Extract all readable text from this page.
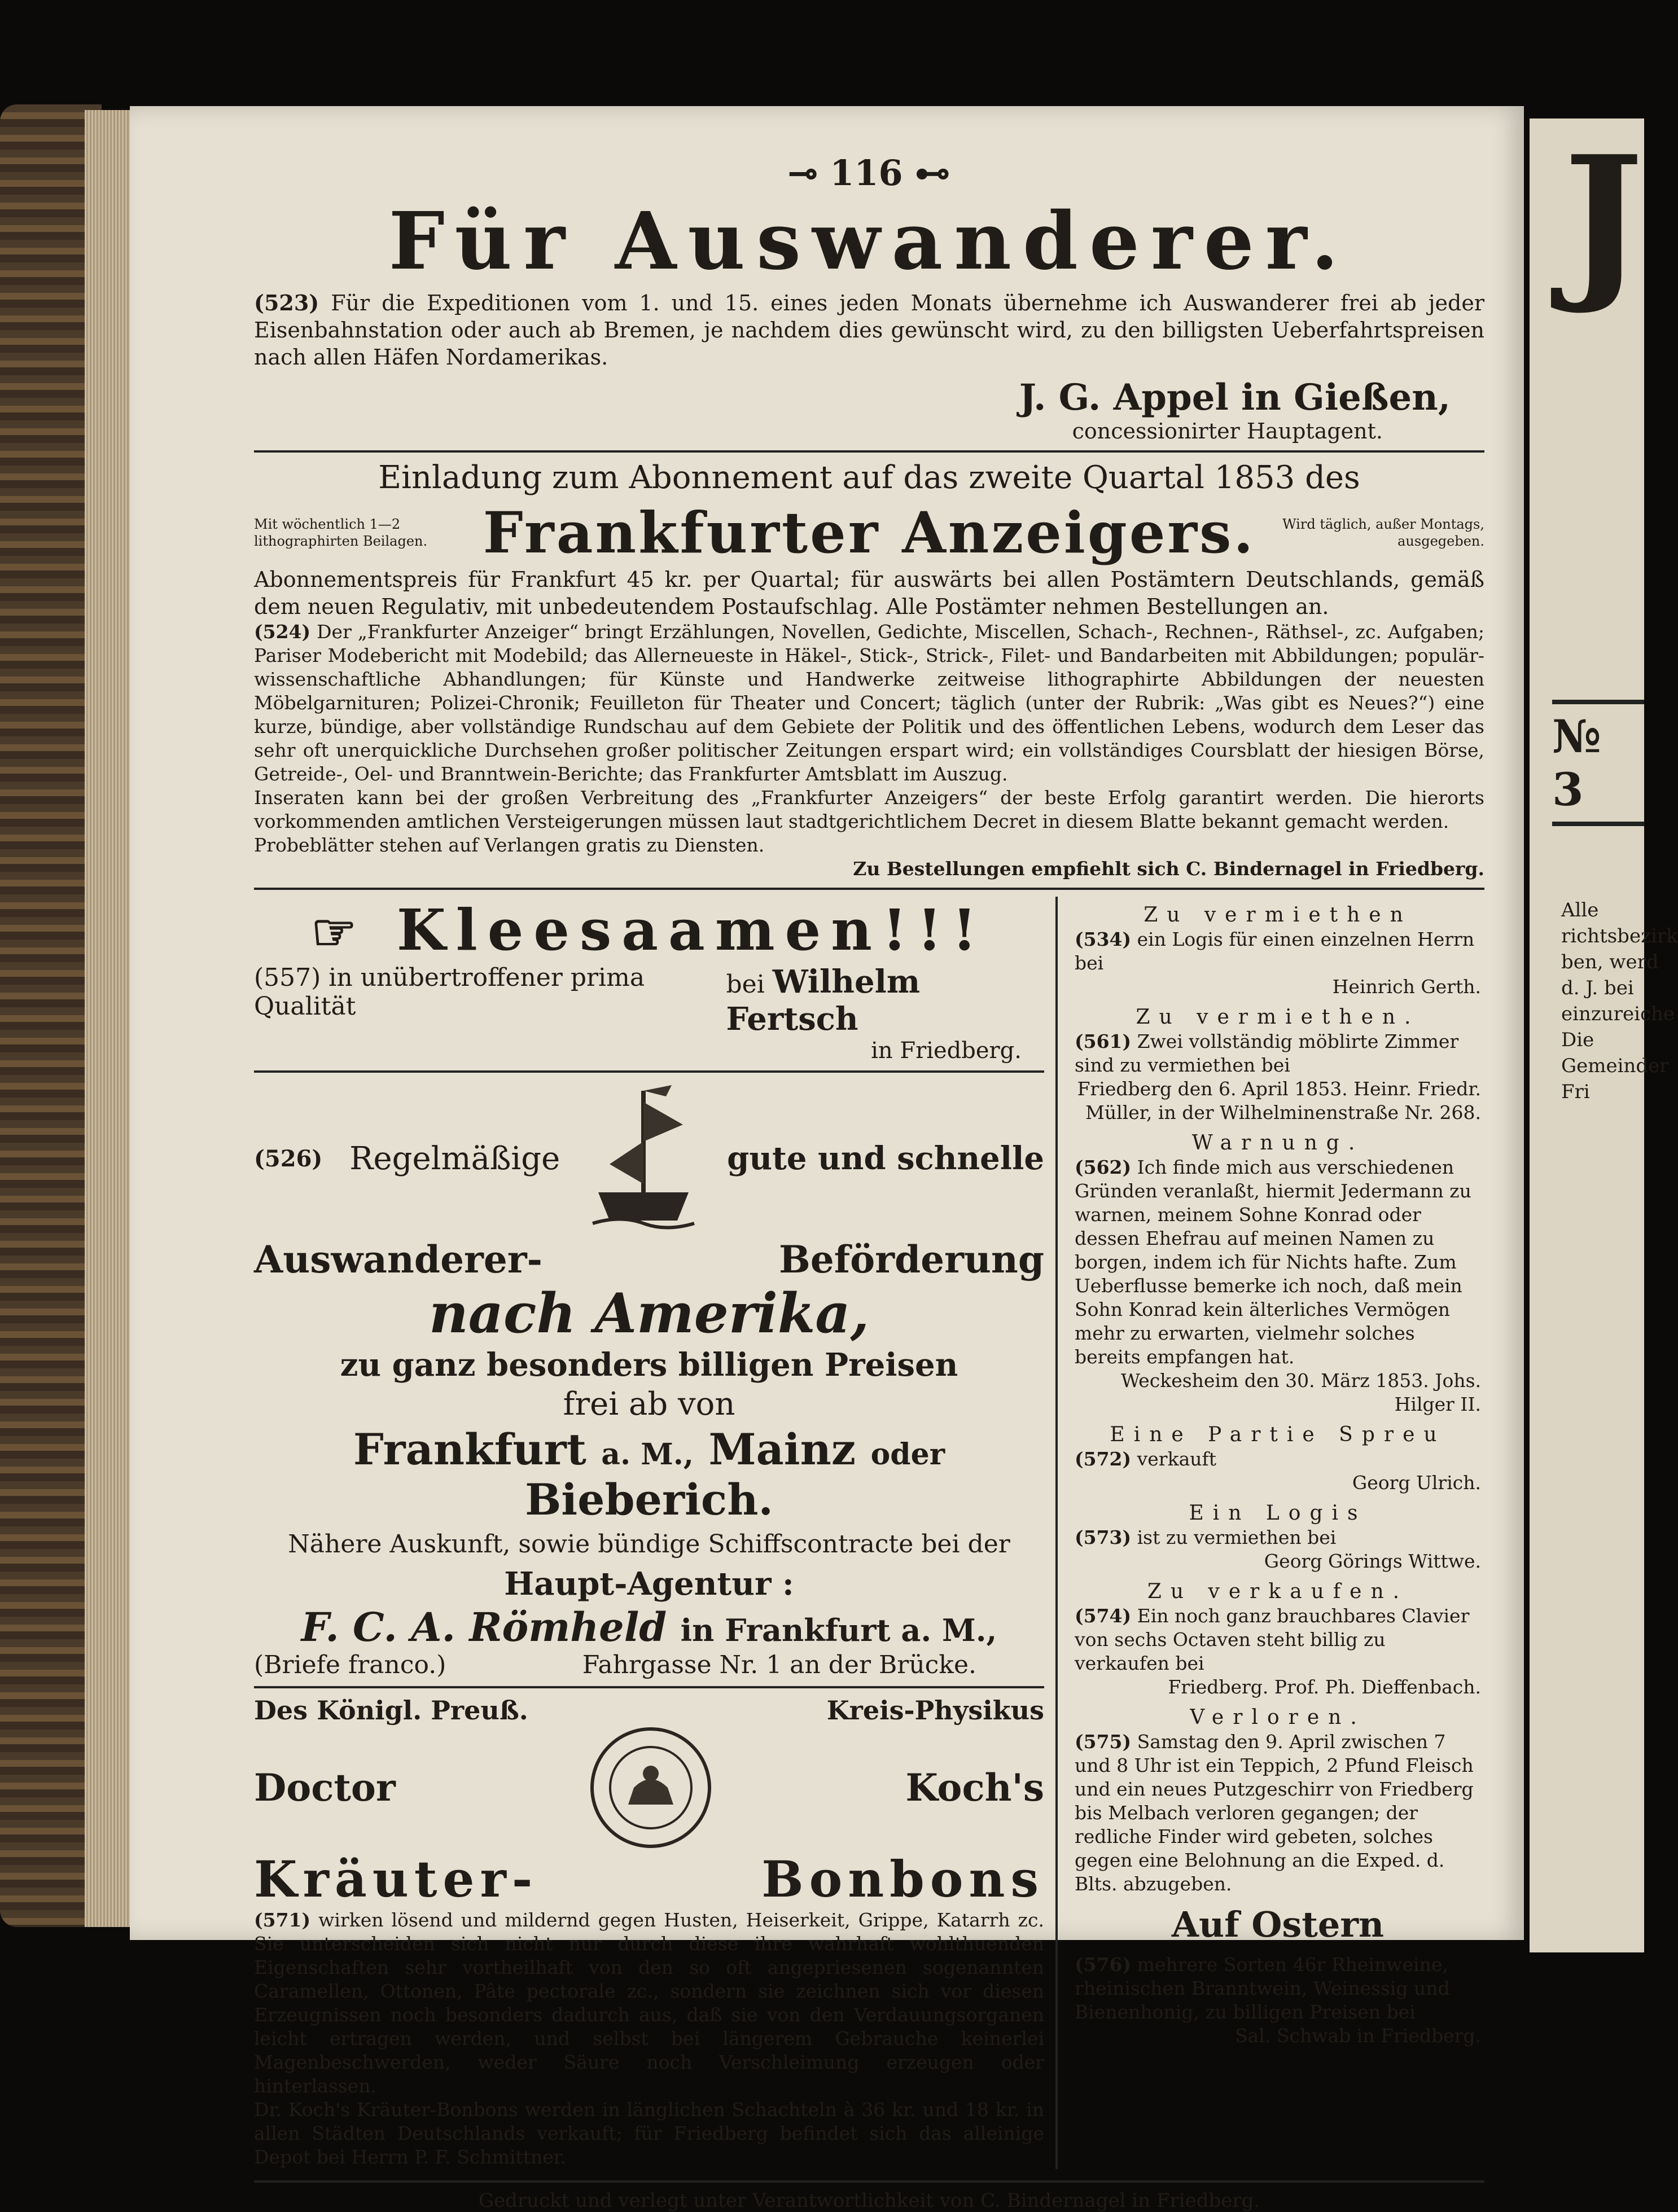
J
№ 3
Alle
richtsbezirk
ben, werd
d. J. bei
einzureiche
Die
Gemeinder
Fri
⊸ 116 ⊷
Für Auswanderer.

(523) Für die Expeditionen vom 1. und 15. eines jeden Monats übernehme ich Auswanderer frei ab jeder Eisenbahnstation oder auch ab Bremen, je nachdem dies gewünscht wird, zu den billigsten Ueberfahrtspreisen nach allen Häfen Nordamerikas.

J. G. Appel in Gießen,
concessionirter Hauptagent.
Einladung zum Abonnement auf das zweite Quartal 1853 des
Mit wöchentlich 1—2 lithographirten Beilagen. Frankfurter Anzeigers. Wird täglich, außer Montags, ausgegeben.

Abonnementspreis für Frankfurt 45 kr. per Quartal; für auswärts bei allen Postämtern Deutschlands, gemäß dem neuen Regulativ, mit unbedeutendem Postaufschlag. Alle Postämter nehmen Bestellungen an.

(524) Der „Frankfurter Anzeiger“ bringt Erzählungen, Novellen, Gedichte, Miscellen, Schach-, Rechnen-, Räthsel-, zc. Aufgaben; Pariser Modebericht mit Modebild; das Allerneueste in Häkel-, Stick-, Strick-, Filet- und Bandarbeiten mit Abbildungen; populär-wissenschaftliche Abhandlungen; für Künste und Handwerke zeitweise lithographirte Abbildungen der neuesten Möbelgarnituren; Polizei-Chronik; Feuilleton für Theater und Concert; täglich (unter der Rubrik: „Was gibt es Neues?“) eine kurze, bündige, aber vollständige Rundschau auf dem Gebiete der Politik und des öffentlichen Lebens, wodurch dem Leser das sehr oft unerquickliche Durchsehen großer politischer Zeitungen erspart wird; ein vollständiges Coursblatt der hiesigen Börse, Getreide-, Oel- und Branntwein-Berichte; das Frankfurter Amtsblatt im Auszug.

Inseraten kann bei der großen Verbreitung des „Frankfurter Anzeigers“ der beste Erfolg garantirt werden. Die hierorts vorkommenden amtlichen Versteigerungen müssen laut stadtgerichtlichem Decret in diesem Blatte bekannt gemacht werden.

Probeblätter stehen auf Verlangen gratis zu Diensten.

Zu Bestellungen empfiehlt sich C. Bindernagel in Friedberg.

☞ Kleesaamen!!!
(557) in unübertroffener prima Qualität
bei Wilhelm Fertsch
in Friedberg.
(526) Regelmäßige	gute und schnelle
Auswanderer-	Beförderung
nach Amerika,
zu ganz besonders billigen Preisen
frei ab von
Frankfurt a. M., Mainz oder Bieberich.
Nähere Auskunft, sowie bündige Schiffscontracte bei der
Haupt-Agentur :
F. C. A. Römheld in Frankfurt a. M.,
(Briefe franco.)	Fahrgasse Nr. 1 an der Brücke.
Des Königl. Preuß.	Kreis-Physikus
Doctor	Koch's
Kräuter-	Bonbons

(571) wirken lösend und mildernd gegen Husten, Heiserkeit, Grippe, Katarrh zc. Sie unterscheiden sich nicht nur durch diese ihre wahrhaft wohlthuenden Eigenschaften sehr vortheilhaft von den so oft angepriesenen sogenannten Caramellen, Ottonen, Pâte pectorale zc., sondern sie zeichnen sich vor diesen Erzeugnissen noch besonders dadurch aus, daß sie von den Verdauungsorganen leicht ertragen werden, und selbst bei längerem Gebrauche keinerlei Magenbeschwerden, weder Säure noch Verschleimung erzeugen oder hinterlassen.

Dr. Koch's Kräuter-Bonbons werden in länglichen Schachteln à 36 kr. und 18 kr. in allen Städten Deutschlands verkauft; für Friedberg befindet sich das alleinige Depot bei Herrn P. F. Schmittner.

Zu vermiethen

(534) ein Logis für einen einzelnen Herrn bei

Heinrich Gerth.

Zu vermiethen.

(561) Zwei vollständig möblirte Zimmer sind zu vermiethen bei

Friedberg den 6. April 1853. Heinr. Friedr. Müller, in der Wilhelminenstraße Nr. 268.

Warnung.

(562) Ich finde mich aus verschiedenen Gründen veranlaßt, hiermit Jedermann zu warnen, meinem Sohne Konrad oder dessen Ehefrau auf meinen Namen zu borgen, indem ich für Nichts hafte. Zum Ueberflusse bemerke ich noch, daß mein Sohn Konrad kein älterliches Vermögen mehr zu erwarten, vielmehr solches bereits empfangen hat.

Weckesheim den 30. März 1853. Johs. Hilger II.

Eine Partie Spreu

(572) verkauft

Georg Ulrich.

Ein Logis

(573) ist zu vermiethen bei

Georg Görings Wittwe.

Zu verkaufen.

(574) Ein noch ganz brauchbares Clavier von sechs Octaven steht billig zu verkaufen bei

Friedberg. Prof. Ph. Dieffenbach.

Verloren.

(575) Samstag den 9. April zwischen 7 und 8 Uhr ist ein Teppich, 2 Pfund Fleisch und ein neues Putzgeschirr von Friedberg bis Melbach verloren gegangen; der redliche Finder wird gebeten, solches gegen eine Belohnung an die Exped. d. Blts. abzugeben.

Auf Ostern

(576) mehrere Sorten 46r Rheinweine, rheinischen Branntwein, Weinessig und Bienenhonig, zu billigen Preisen bei

Sal. Schwab in Friedberg.

Gedruckt und verlegt unter Verantwortlichkeit von C. Bindernagel in Friedberg.
